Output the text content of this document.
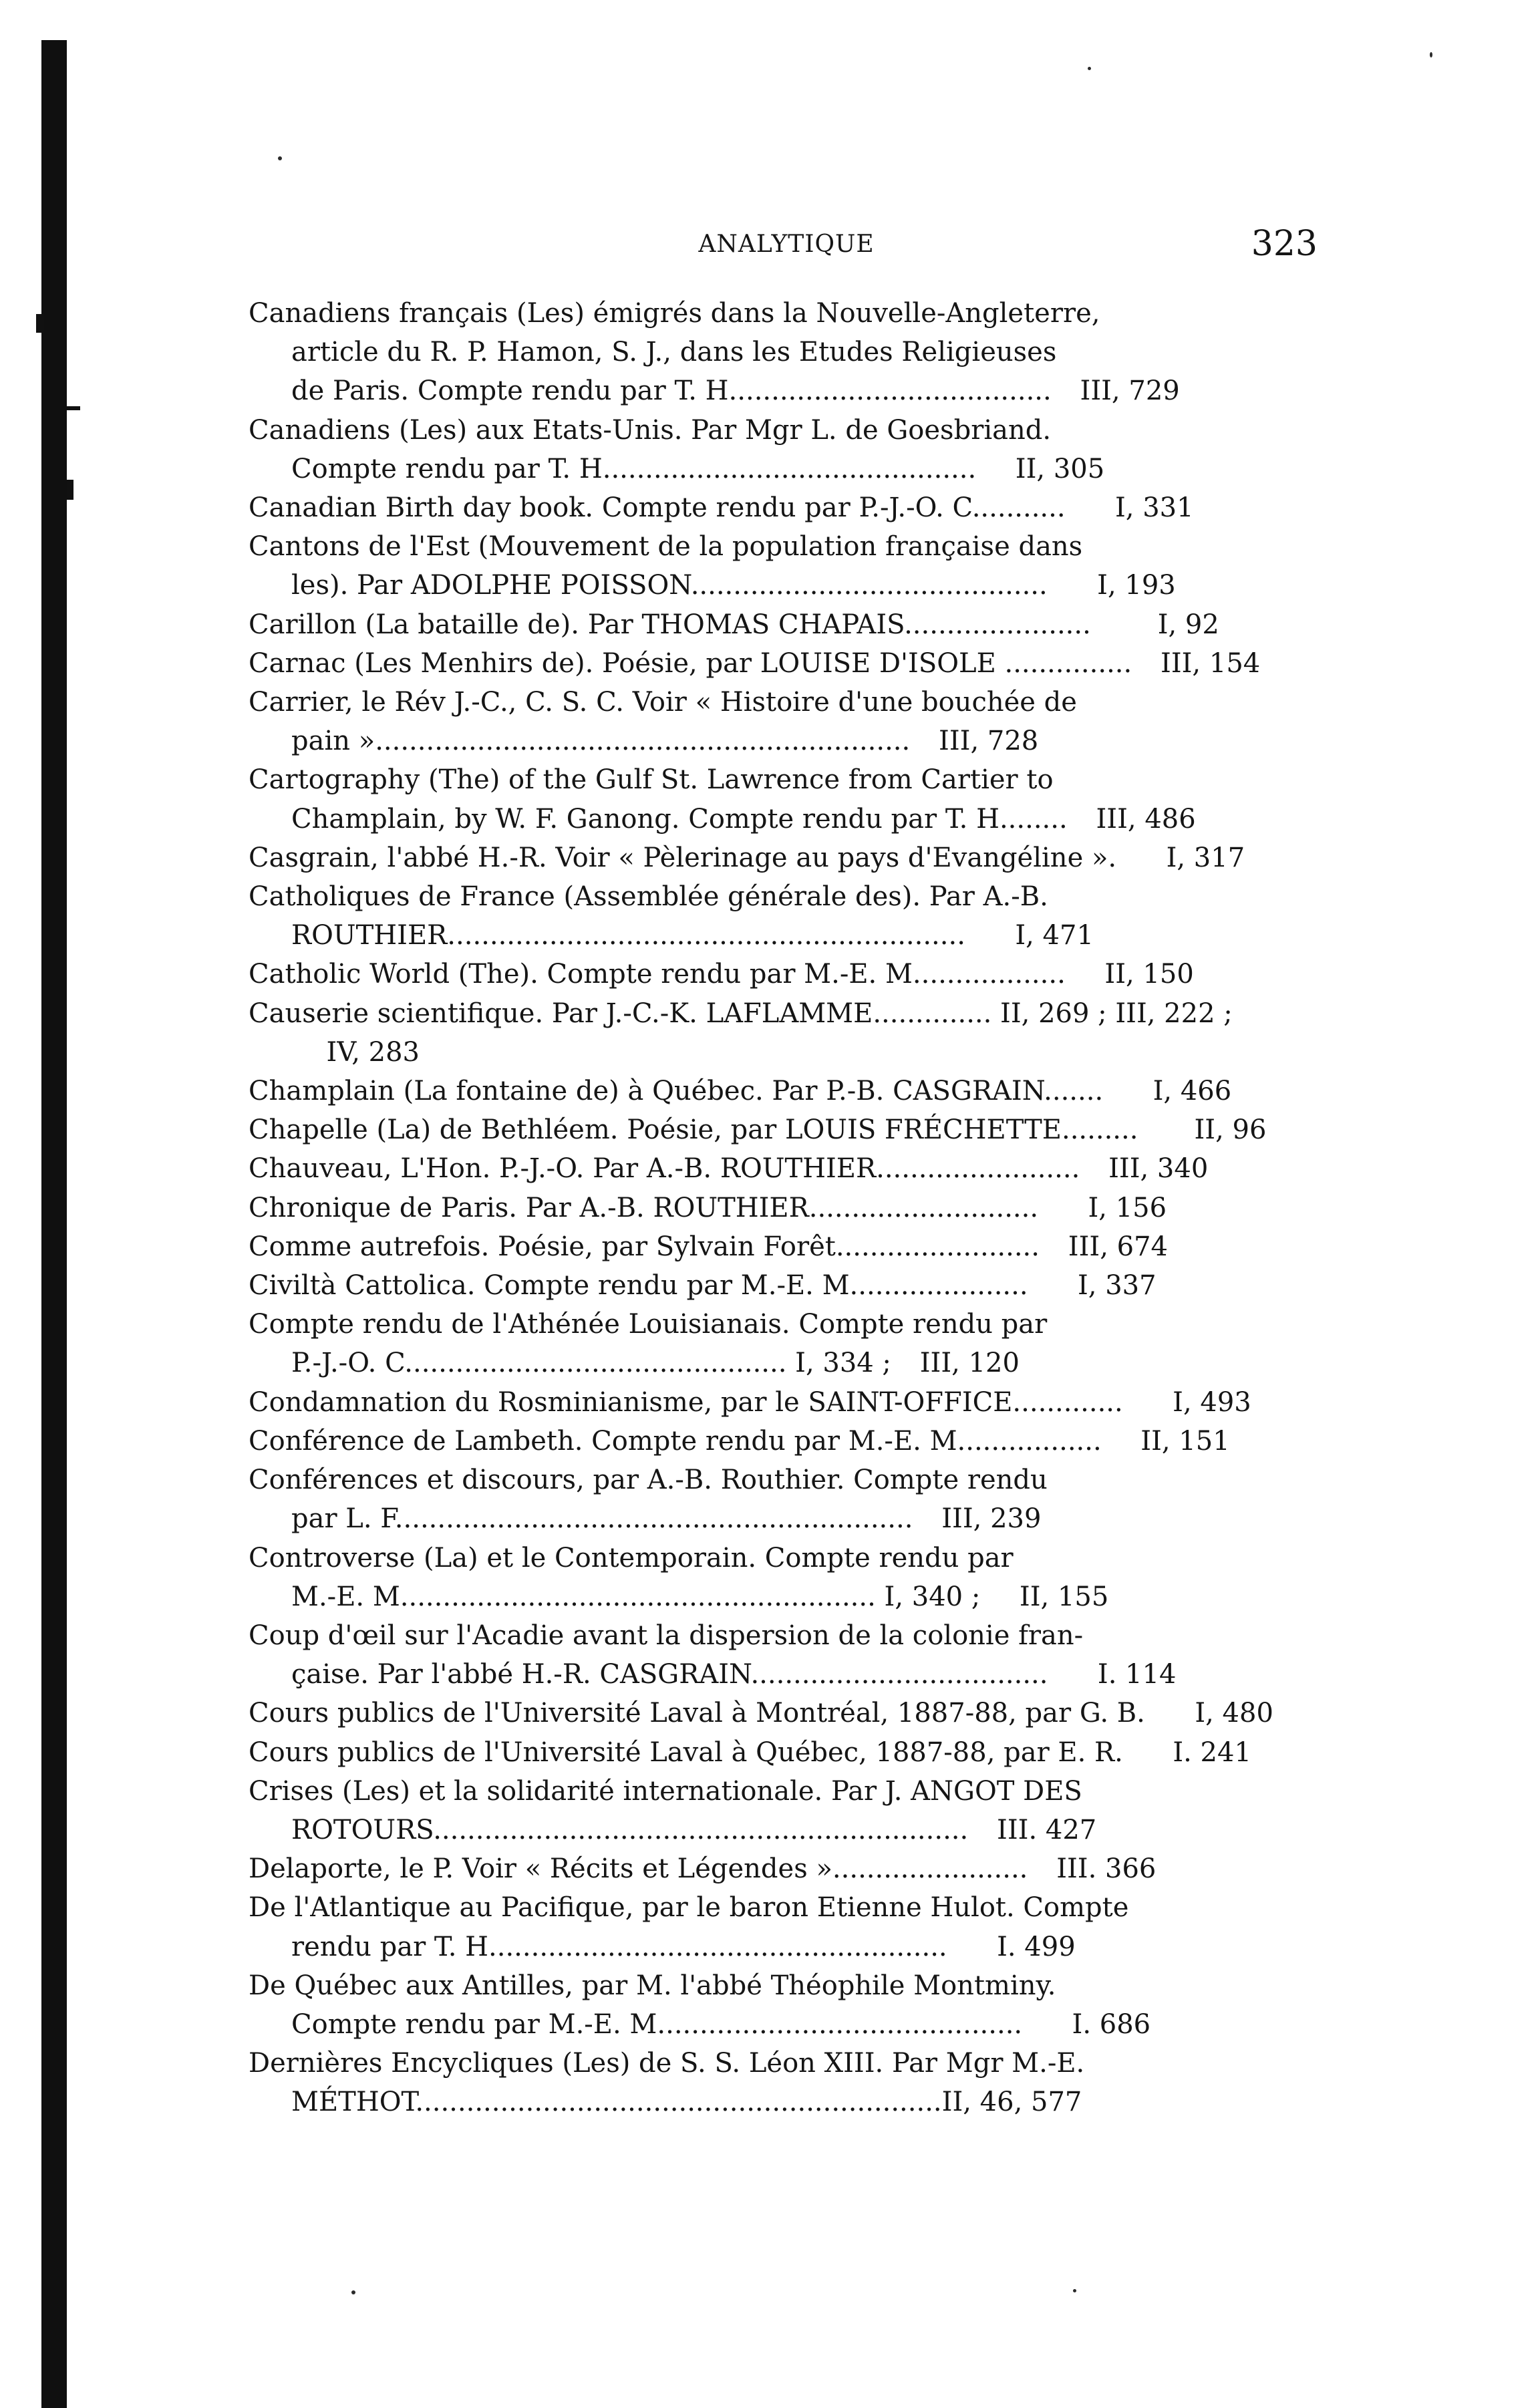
ANALYTIQUE	323
Canadiens français (Les) émigrés dans la Nouvelle-Angleterre,
article du R. P. Hamon, S. J., dans les Etudes Religieuses
de Paris. Compte rendu par T. H...................................... III, 729
Canadiens (Les) aux Etats-Unis. Par Mgr L. de Goesbriand.
Compte rendu par T. H............................................ II, 305
Canadian Birth day book. Compte rendu par P.-J.-O. C........... I, 331
Cantons de l'Est (Mouvement de la population française dans
les). Par ADOLPHE POISSON.......................................... I, 193
Carillon (La bataille de). Par THOMAS CHAPAIS...................... I, 92
Carnac (Les Menhirs de). Poésie, par LOUISE D'ISOLE ............... III, 154
Carrier, le Rév J.-C., C. S. C. Voir « Histoire d'une bouchée de
pain »............................................................... III, 728
Cartography (The) of the Gulf St. Lawrence from Cartier to
Champlain, by W. F. Ganong. Compte rendu par T. H........ III, 486
Casgrain, l'abbé H.-R. Voir « Pèlerinage au pays d'Evangéline ». I, 317
Catholiques de France (Assemblée générale des). Par A.-B.
ROUTHIER............................................................. I, 471
Catholic World (The). Compte rendu par M.-E. M.................. II, 150
Causerie scientifique. Par J.-C.-K. LAFLAMME.............. II, 269 ; III, 222 ;IV, 283
Champlain (La fontaine de) à Québec. Par P.-B. CASGRAIN....... I, 466
Chapelle (La) de Bethléem. Poésie, par LOUIS FRÉCHETTE......... II, 96
Chauveau, L'Hon. P.-J.-O. Par A.-B. ROUTHIER........................ III, 340
Chronique de Paris. Par A.-B. ROUTHIER........................... I, 156
Comme autrefois. Poésie, par Sylvain Forêt........................ III, 674
Civiltà Cattolica. Compte rendu par M.-E. M..................... I, 337
Compte rendu de l'Athénée Louisianais. Compte rendu par
P.-J.-O. C............................................. I, 334 ; III, 120
Condamnation du Rosminianisme, par le SAINT-OFFICE............. I, 493
Conférence de Lambeth. Compte rendu par M.-E. M................. II, 151
Conférences et discours, par A.-B. Routhier. Compte rendu
par L. F............................................................. III, 239
Controverse (La) et le Contemporain. Compte rendu par
M.-E. M........................................................ I, 340 ; II, 155
Coup d'œil sur l'Acadie avant la dispersion de la colonie fran-
çaise. Par l'abbé H.-R. CASGRAIN................................... I. 114
Cours publics de l'Université Laval à Montréal, 1887-88, par G. B. I, 480
Cours publics de l'Université Laval à Québec, 1887-88, par E. R. I. 241
Crises (Les) et la solidarité internationale. Par J. ANGOT DES
ROTOURS............................................................... III. 427
Delaporte, le P. Voir « Récits et Légendes »....................... III. 366
De l'Atlantique au Pacifique, par le baron Etienne Hulot. Compte
rendu par T. H...................................................... I. 499
De Québec aux Antilles, par M. l'abbé Théophile Montminy.
Compte rendu par M.-E. M........................................... I. 686
Dernières Encycliques (Les) de S. S. Léon XIII. Par Mgr M.-E.
MÉTHOT..............................................................II, 46, 577
